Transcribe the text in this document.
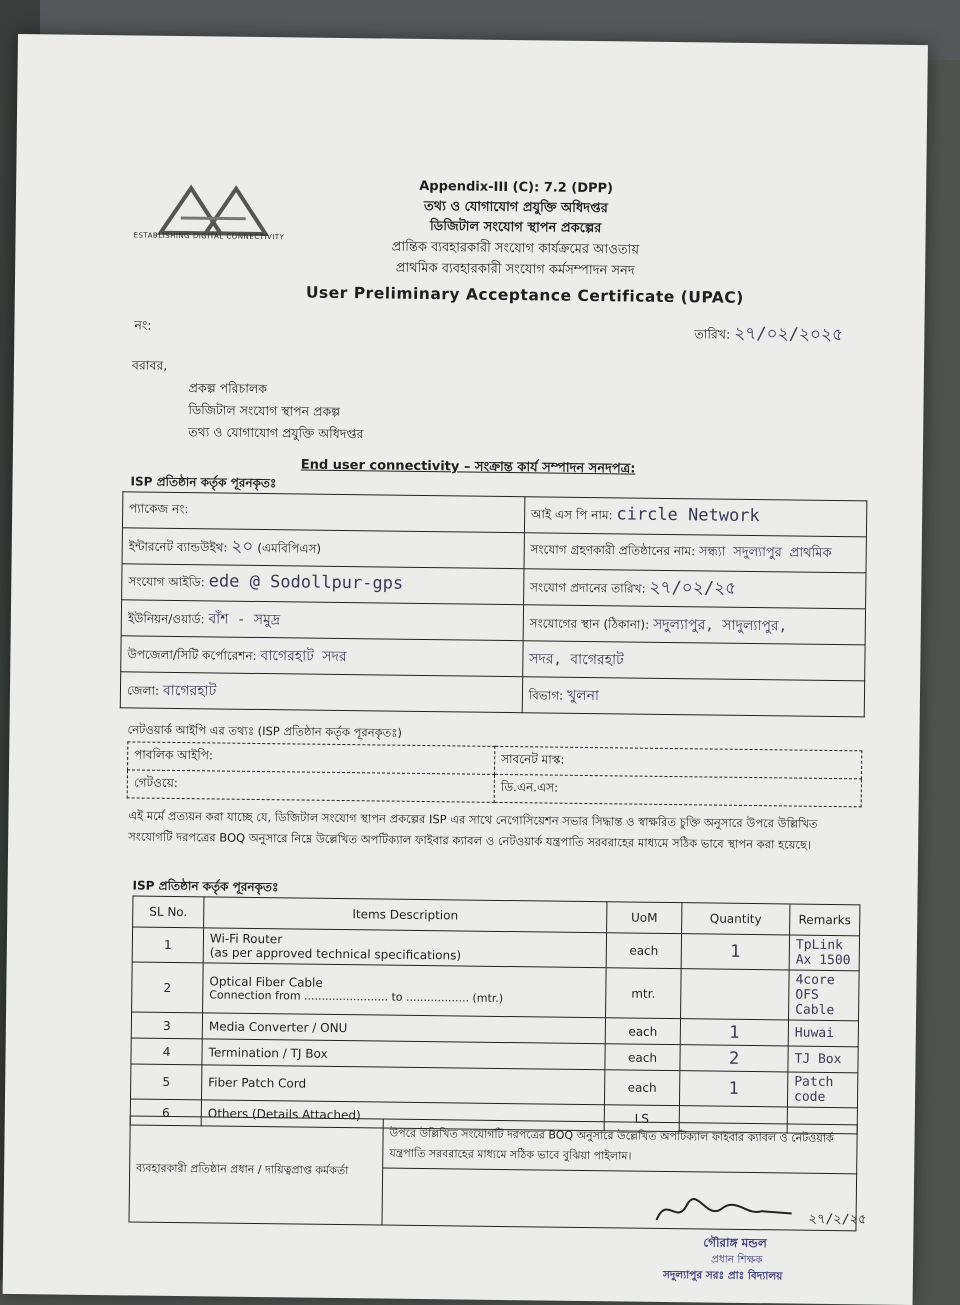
ESTABLISHING DIGITAL CONNECTIVITY
Appendix-III (C): 7.2 (DPP)
তথ্য ও যোগাযোগ প্রযুক্তি অধিদপ্তর
ডিজিটাল সংযোগ স্থাপন প্রকল্পের
প্রান্তিক ব্যবহারকারী সংযোগ কার্যক্রমের আওতায়
প্রাথমিক ব্যবহারকারী সংযোগ কর্মসম্পাদন সনদ
User Preliminary Acceptance Certificate (UPAC)
নং:
তারিখ: ২৭/০২/২০২৫
বরাবর,
প্রকল্প পরিচালক
ডিজিটাল সংযোগ স্থাপন প্রকল্প
তথ্য ও যোগাযোগ প্রযুক্তি অধিদপ্তর
End user connectivity – সংক্রান্ত কার্য সম্পাদন সনদপত্র:
ISP প্রতিষ্ঠান কর্তৃক পূরনকৃতঃ
প্যাকেজ নং:	আই এস পি নাম: circle Network
ইন্টারনেট ব্যান্ডউইথ: ২০ (এমবিপিএস)	সংযোগ গ্রহণকারী প্রতিষ্ঠানের নাম: সন্ধ্যা সদুল্যাপুর প্রাথমিক
সংযোগ আইডি: ede @ Sodollpur-gps	সংযোগ প্রদানের তারিখ: ২৭/০২/২৫
ইউনিয়ন/ওয়ার্ড: বাঁশ - সমুদ্র	সংযোগের স্থান (ঠিকানা): সদুল্যাপুর, সাদুল্যাপুর,
উপজেলা/সিটি কর্পোরেশন: বাগেরহাট সদর	সদর, বাগেরহাট
জেলা: বাগেরহাট	বিভাগ: খুলনা
নেটওয়ার্ক আইপি এর তথ্যঃ (ISP প্রতিষ্ঠান কর্তৃক পূরনকৃতঃ)
পাবলিক আইপি:	সাবনেট মাস্ক:
গেটওয়ে:	ডি.এন.এস:
এই মর্মে প্রত্যয়ন করা যাচ্ছে যে, ডিজিটাল সংযোগ স্থাপন প্রকল্পের ISP এর সাথে নেগোসিয়েশন সভার সিদ্ধান্ত ও স্বাক্ষরিত চুক্তি অনুসারে উপরে উল্লিখিত সংযোগটি দরপত্রের BOQ অনুসারে নিম্নে উল্লেখিত অপটিক্যাল ফাইবার ক্যাবল ও নেটওয়ার্ক যন্ত্রপাতি সরবরাহের মাধ্যমে সঠিক ভাবে স্থাপন করা হয়েছে।
ISP প্রতিষ্ঠান কর্তৃক পূরনকৃতঃ
SL No.	Items Description	UoM	Quantity	Remarks
1	Wi-Fi Router
(as per approved technical specifications)	each	1	TpLink Ax 1500
2	Optical Fiber Cable
Connection from ........................ to .................. (mtr.)	mtr.		4core OFS Cable
3	Media Converter / ONU	each	1	Huwai
4	Termination / TJ Box	each	2	TJ Box
5	Fiber Patch Cord	each	1	Patch code
6	Others (Details Attached)	LS		
ব্যবহারকারী প্রতিষ্ঠান প্রধান / দায়িত্বপ্রাপ্ত কর্মকর্তা	উপরে উল্লিখিত সংযোগটি দরপত্রের BOQ অনুসারে উল্লেখিত অপটিক্যাল ফাইবার ক্যাবল ও নেটওয়ার্ক যন্ত্রপাতি সরবরাহের মাধ্যমে সঠিক ভাবে বুঝিয়া পাইলাম।

২৭/২/২৫
গৌরাঙ্গ মন্ডল
প্রধান শিক্ষক
সদুল্যাপুর সরঃ প্রাঃ বিদ্যালয়
